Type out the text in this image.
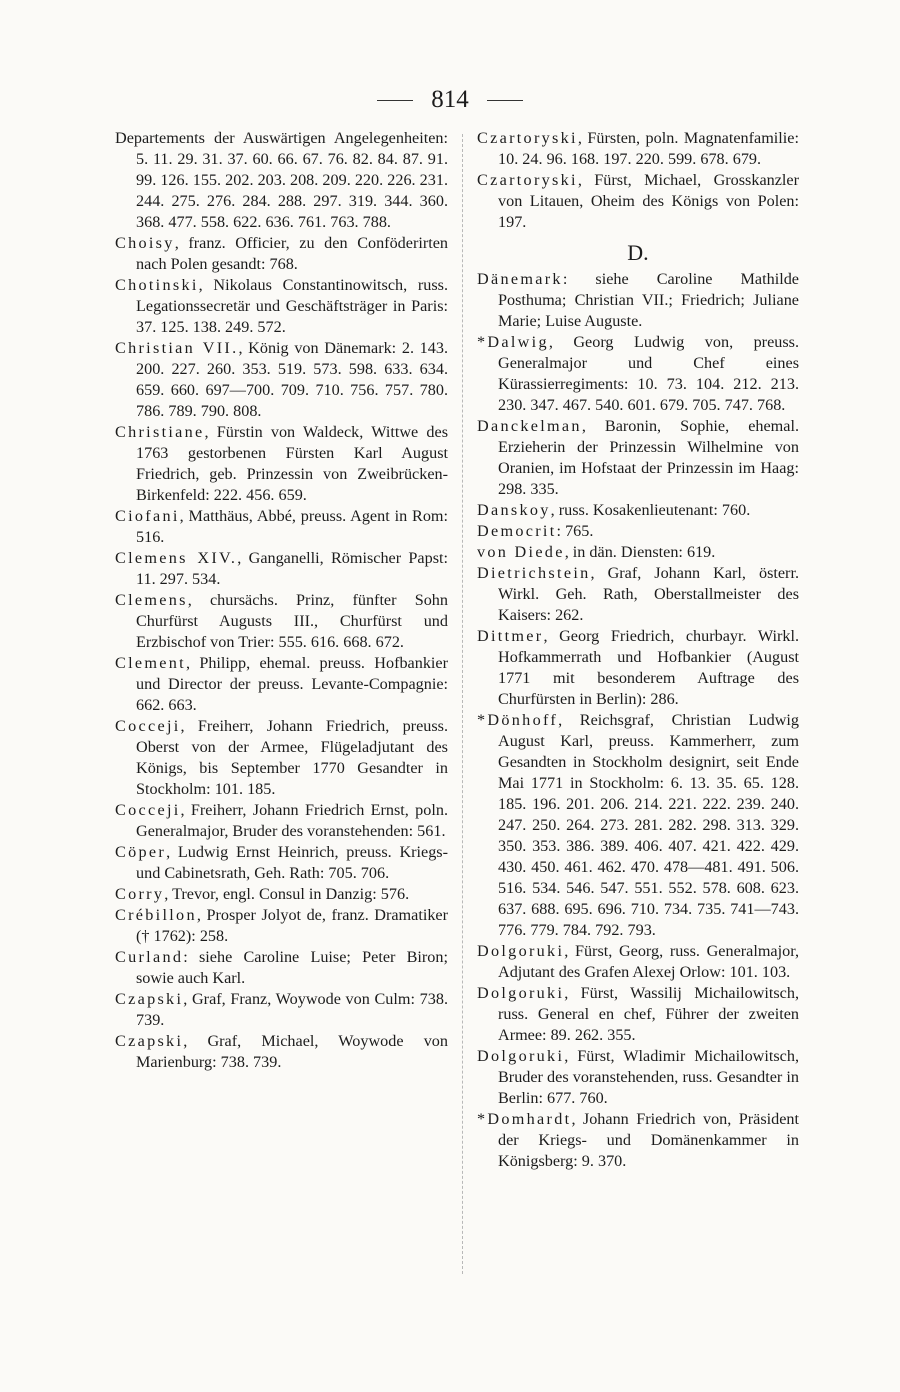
814

Departements der Auswärtigen Angelegenheiten: 5. 11. 29. 31. 37. 60. 66. 67. 76. 82. 84. 87. 91. 99. 126. 155. 202. 203. 208. 209. 220. 226. 231. 244. 275. 276. 284. 288. 297. 319. 344. 360. 368. 477. 558. 622. 636. 761. 763. 788.

Choisy, franz. Officier, zu den Conföderirten nach Polen gesandt: 768.

Chotinski, Nikolaus Constantinowitsch, russ. Legationssecretär und Geschäftsträger in Paris: 37. 125. 138. 249. 572.

Christian VII., König von Dänemark: 2. 143. 200. 227. 260. 353. 519. 573. 598. 633. 634. 659. 660. 697—700. 709. 710. 756. 757. 780. 786. 789. 790. 808.

Christiane, Fürstin von Waldeck, Wittwe des 1763 gestorbenen Fürsten Karl August Friedrich, geb. Prinzessin von Zweibrücken-Birkenfeld: 222. 456. 659.

Ciofani, Matthäus, Abbé, preuss. Agent in Rom: 516.

Clemens XIV., Ganganelli, Römischer Papst: 11. 297. 534.

Clemens, chursächs. Prinz, fünfter Sohn Churfürst Augusts III., Churfürst und Erzbischof von Trier: 555. 616. 668. 672.

Clement, Philipp, ehemal. preuss. Hofbankier und Director der preuss. Levante-Compagnie: 662. 663.

Cocceji, Freiherr, Johann Friedrich, preuss. Oberst von der Armee, Flügeladjutant des Königs, bis September 1770 Gesandter in Stockholm: 101. 185.

Cocceji, Freiherr, Johann Friedrich Ernst, poln. Generalmajor, Bruder des voranstehenden: 561.

Cöper, Ludwig Ernst Heinrich, preuss. Kriegs- und Cabinetsrath, Geh. Rath: 705. 706.

Corry, Trevor, engl. Consul in Danzig: 576.

Crébillon, Prosper Jolyot de, franz. Dramatiker († 1762): 258.

Curland: siehe Caroline Luise; Peter Biron; sowie auch Karl.

Czapski, Graf, Franz, Woywode von Culm: 738. 739.

Czapski, Graf, Michael, Woywode von Marienburg: 738. 739.

Czartoryski, Fürsten, poln. Magnatenfamilie: 10. 24. 96. 168. 197. 220. 599. 678. 679.

Czartoryski, Fürst, Michael, Grosskanzler von Litauen, Oheim des Königs von Polen: 197.

D.

Dänemark: siehe Caroline Mathilde Posthuma; Christian VII.; Friedrich; Juliane Marie; Luise Auguste.

*Dalwig, Georg Ludwig von, preuss. Generalmajor und Chef eines Kürassierregiments: 10. 73. 104. 212. 213. 230. 347. 467. 540. 601. 679. 705. 747. 768.

Danckelman, Baronin, Sophie, ehemal. Erzieherin der Prinzessin Wilhelmine von Oranien, im Hofstaat der Prinzessin im Haag: 298. 335.

Danskoy, russ. Kosakenlieutenant: 760.

Democrit: 765.

von Diede, in dän. Diensten: 619.

Dietrichstein, Graf, Johann Karl, österr. Wirkl. Geh. Rath, Oberstallmeister des Kaisers: 262.

Dittmer, Georg Friedrich, churbayr. Wirkl. Hofkammerrath und Hofbankier (August 1771 mit besonderem Auftrage des Churfürsten in Berlin): 286.

*Dönhoff, Reichsgraf, Christian Ludwig August Karl, preuss. Kammerherr, zum Gesandten in Stockholm designirt, seit Ende Mai 1771 in Stockholm: 6. 13. 35. 65. 128. 185. 196. 201. 206. 214. 221. 222. 239. 240. 247. 250. 264. 273. 281. 282. 298. 313. 329. 350. 353. 386. 389. 406. 407. 421. 422. 429. 430. 450. 461. 462. 470. 478—481. 491. 506. 516. 534. 546. 547. 551. 552. 578. 608. 623. 637. 688. 695. 696. 710. 734. 735. 741—743. 776. 779. 784. 792. 793.

Dolgoruki, Fürst, Georg, russ. Generalmajor, Adjutant des Grafen Alexej Orlow: 101. 103.

Dolgoruki, Fürst, Wassilij Michailowitsch, russ. General en chef, Führer der zweiten Armee: 89. 262. 355.

Dolgoruki, Fürst, Wladimir Michailowitsch, Bruder des voranstehenden, russ. Gesandter in Berlin: 677. 760.

*Domhardt, Johann Friedrich von, Präsident der Kriegs- und Domänenkammer in Königsberg: 9. 370.
